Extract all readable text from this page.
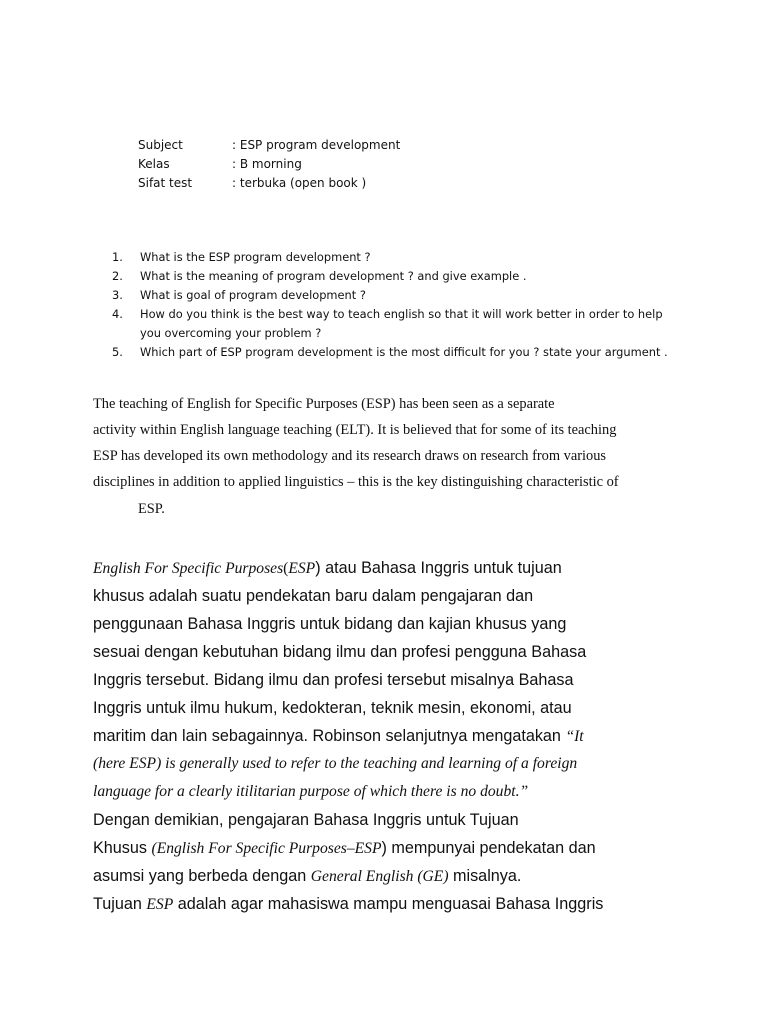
Subject	: ESP program development
Kelas	: B morning
Sifat test	: terbuka (open book )
1.	What is the ESP program development ?
2.	What is the meaning of program development ? and give example .
3.	What is goal of program development ?
4.	How do you think is the best way to teach english so that it will work better in order to help
you overcoming your problem ?
5.	Which part of ESP program development is the most difficult for you ? state your argument .
The teaching of English for Specific Purposes (ESP) has been seen as a separate
activity within English language teaching (ELT). It is believed that for some of its teaching
ESP has developed its own methodology and its research draws on research from various
disciplines in addition to applied linguistics – this is the key distinguishing characteristic of
ESP.
English For Specific Purposes(ESP) atau Bahasa Inggris untuk tujuan
khusus adalah suatu pendekatan baru dalam pengajaran dan
penggunaan Bahasa Inggris untuk bidang dan kajian khusus yang
sesuai dengan kebutuhan bidang ilmu dan profesi pengguna Bahasa
Inggris tersebut. Bidang ilmu dan profesi tersebut misalnya Bahasa
Inggris untuk ilmu hukum, kedokteran, teknik mesin, ekonomi, atau
maritim dan lain sebagainnya. Robinson selanjutnya mengatakan “It
(here ESP) is generally used to refer to the teaching and learning of a foreign
language for a clearly itilitarian purpose of which there is no doubt.”
Dengan demikian, pengajaran Bahasa Inggris untuk Tujuan
Khusus (English For Specific Purposes–ESP) mempunyai pendekatan dan
asumsi yang berbeda dengan General English (GE) misalnya.
Tujuan ESP adalah agar mahasiswa mampu menguasai Bahasa Inggris
